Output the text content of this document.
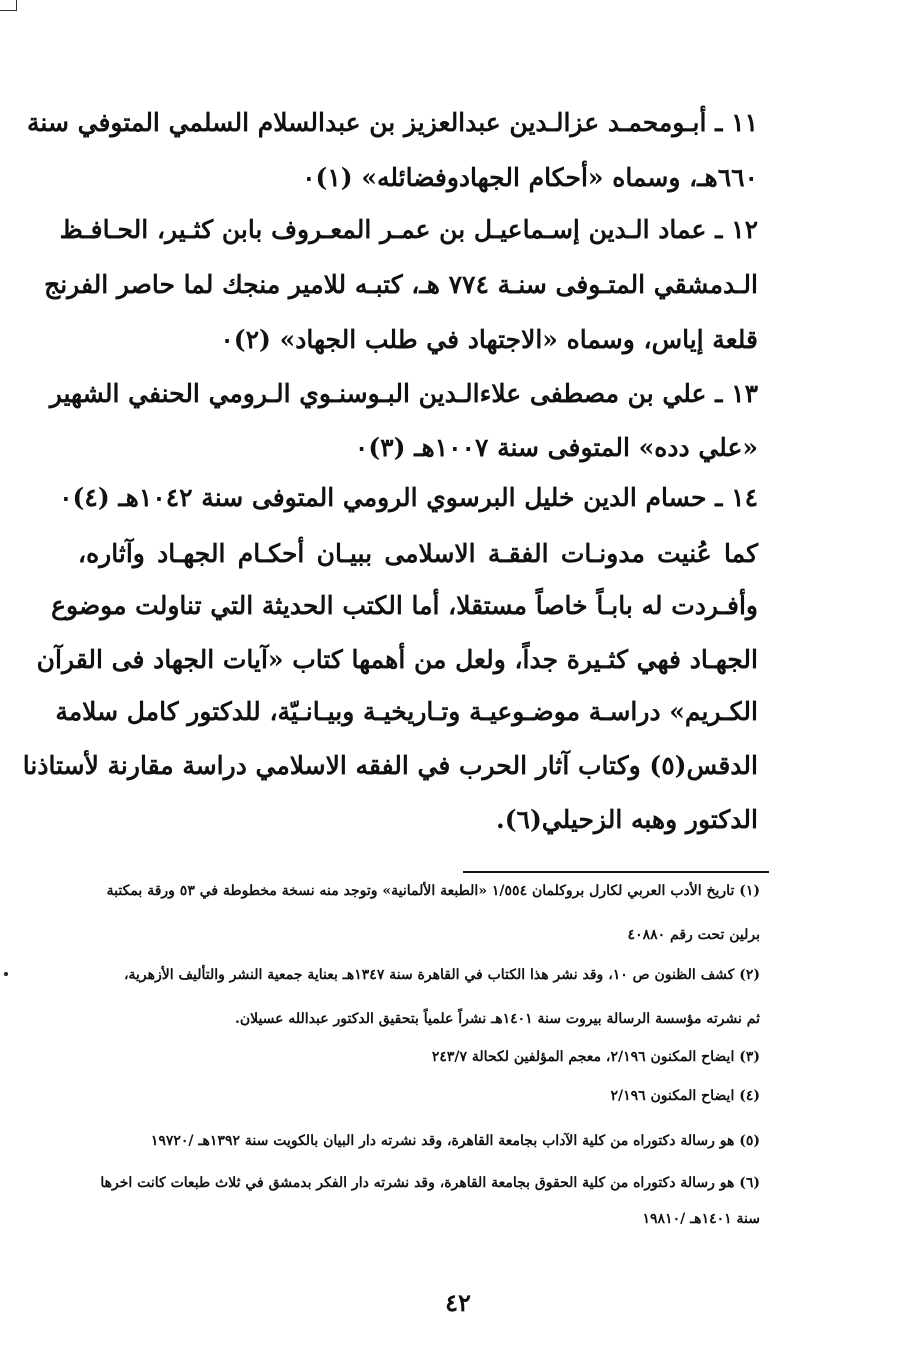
١١ ـ أبـومحمـد عزالـدين عبدالعزيز بن عبدالسلام السلمي المتوفي سنة
٦٦٠هـ، وسماه «أحكام الجهادوفضائله» (١)٠
١٢ ـ عماد الـدين إسـماعيـل بن عمـر المعـروف بابن كثـير، الحـافـظ
الـدمشقي المتـوفى سنـة ٧٧٤ هـ، كتبـه للامير منجك لما حاصر الفرنج
قلعة إياس، وسماه «الاجتهاد في طلب الجهاد» (٢)٠
١٣ ـ علي بن مصطفى علاءالـدين البـوسنـوي الـرومي الحنفي الشهير
«علي دده» المتوفى سنة ١٠٠٧هـ (٣)٠
١٤ ـ حسام الدين خليل البرسوي الرومي المتوفى سنة ١٠٤٢هـ (٤)٠
كما عُنيت مدونـات الفقـة الاسلامى ببيـان أحكـام الجهـاد وآثاره،
وأفـردت له بابـاً خاصاً مستقلا، أما الكتب الحديثة التي تناولت موضوع
الجهـاد فهي كثـيرة جداً، ولعل من أهمها كتاب «آيات الجهاد فى القرآن
الكـريم» دراسـة موضـوعيـة وتـاريخيـة وبيـانـيّة، للدكتور كامل سلامة
الدقس(٥) وكتاب آثار الحرب في الفقه الاسلامي دراسة مقارنة لأستاذنا
الدكتور وهبه الزحيلي(٦).
(١) تاريخ الأدب العربي لكارل بروكلمان ١/٥٥٤ «الطبعة الألمانية» وتوجد منه نسخة مخطوطة في ٥٣ ورقة بمكتبة
برلين تحت رقم ٤٠٨٨٠
(٢) كشف الظنون ص ١٠، وقد نشر هذا الكتاب في القاهرة سنة ١٣٤٧هـ بعناية جمعية النشر والتأليف الأزهرية،
ثم نشرته مؤسسة الرسالة بيروت سنة ١٤٠١هـ نشراً علمياً بتحقيق الدكتور عبدالله عسيلان.
(٣) ايضاح المكنون ٢/١٩٦، معجم المؤلفين لكحالة ٢٤٣/٧
(٤) ايضاح المكنون ٢/١٩٦
(٥) هو رسالة دكتوراه من كلية الآداب بجامعة القاهرة، وقد نشرته دار البيان بالكويت سنة ١٣٩٢هـ /١٩٧٢٠
(٦) هو رسالة دكتوراه من كلية الحقوق بجامعة القاهرة، وقد نشرته دار الفكر بدمشق في ثلاث طبعات كانت اخرها
سنة ١٤٠١هـ /١٩٨١٠
٤٢
